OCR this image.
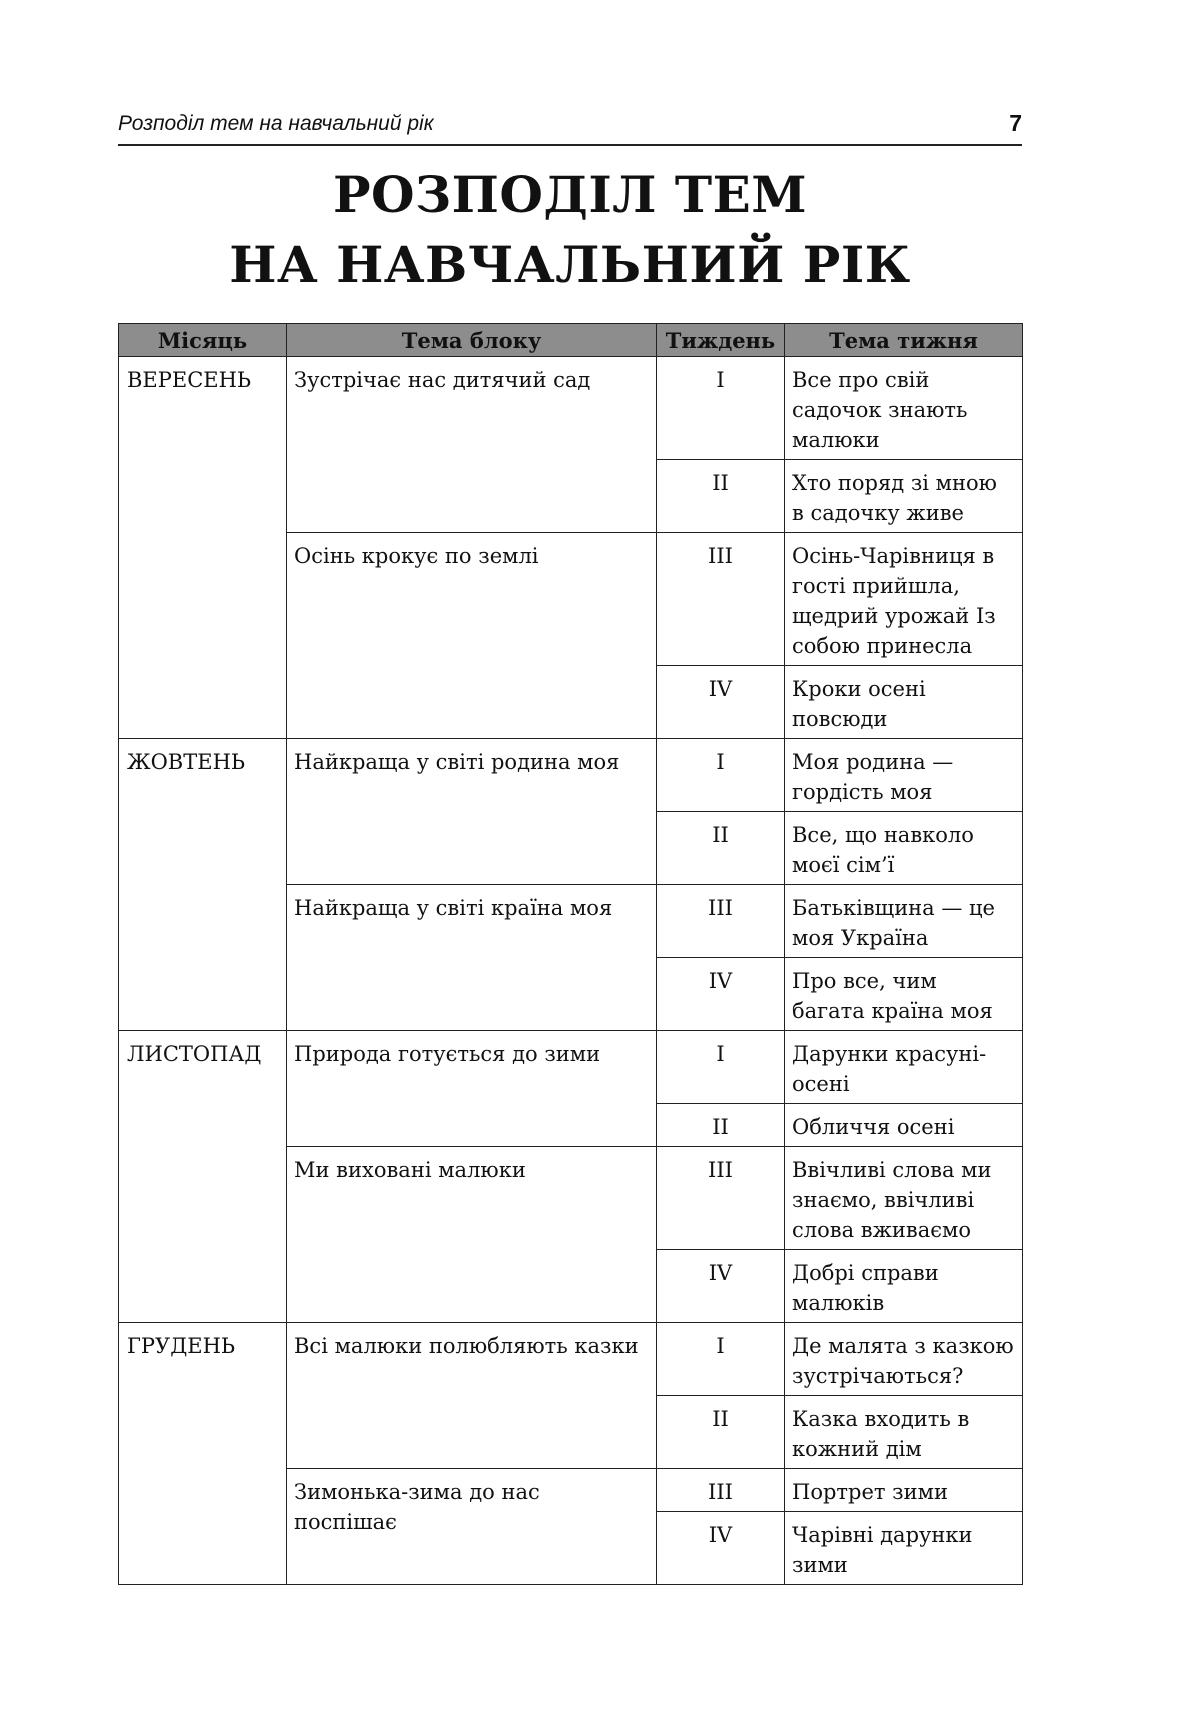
Розподіл тем на навчальний рік	7
РОЗПОДІЛ ТЕМ
НА НАВЧАЛЬНИЙ РІК
Місяць	Тема блоку	Тиждень	Тема тижня
ВЕРЕСЕНЬ	Зустрічає нас дитячий сад	I	Все про свій садочок знають малюки
		II	Хто поряд зі мною в садочку живе
	Осінь крокує по землі	III	Осінь-Чарівниця в гості прийшла, щедрий урожай Із собою принесла
		IV	Кроки осені повсюди
ЖОВТЕНЬ	Найкраща у світі родина моя	I	Моя родина — гордість моя
		II	Все, що навколо моєї сім’ї
	Найкраща у світі країна моя	III	Батьківщина — це моя Україна
		IV	Про все, чим багата країна моя
ЛИСТОПАД	Природа готується до зими	I	Дарунки красуні-осені
		II	Обличчя осені
	Ми виховані малюки	III	Ввічливі слова ми знаємо, ввічливі слова вживаємо
		IV	Добрі справи малюків
ГРУДЕНЬ	Всі малюки полюбляють казки	I	Де малята з казкою зустрічаються?
		II	Казка входить в кожний дім
	Зимонька-зима до нас поспішає	III	Портрет зими
		IV	Чарівні дарунки зими
